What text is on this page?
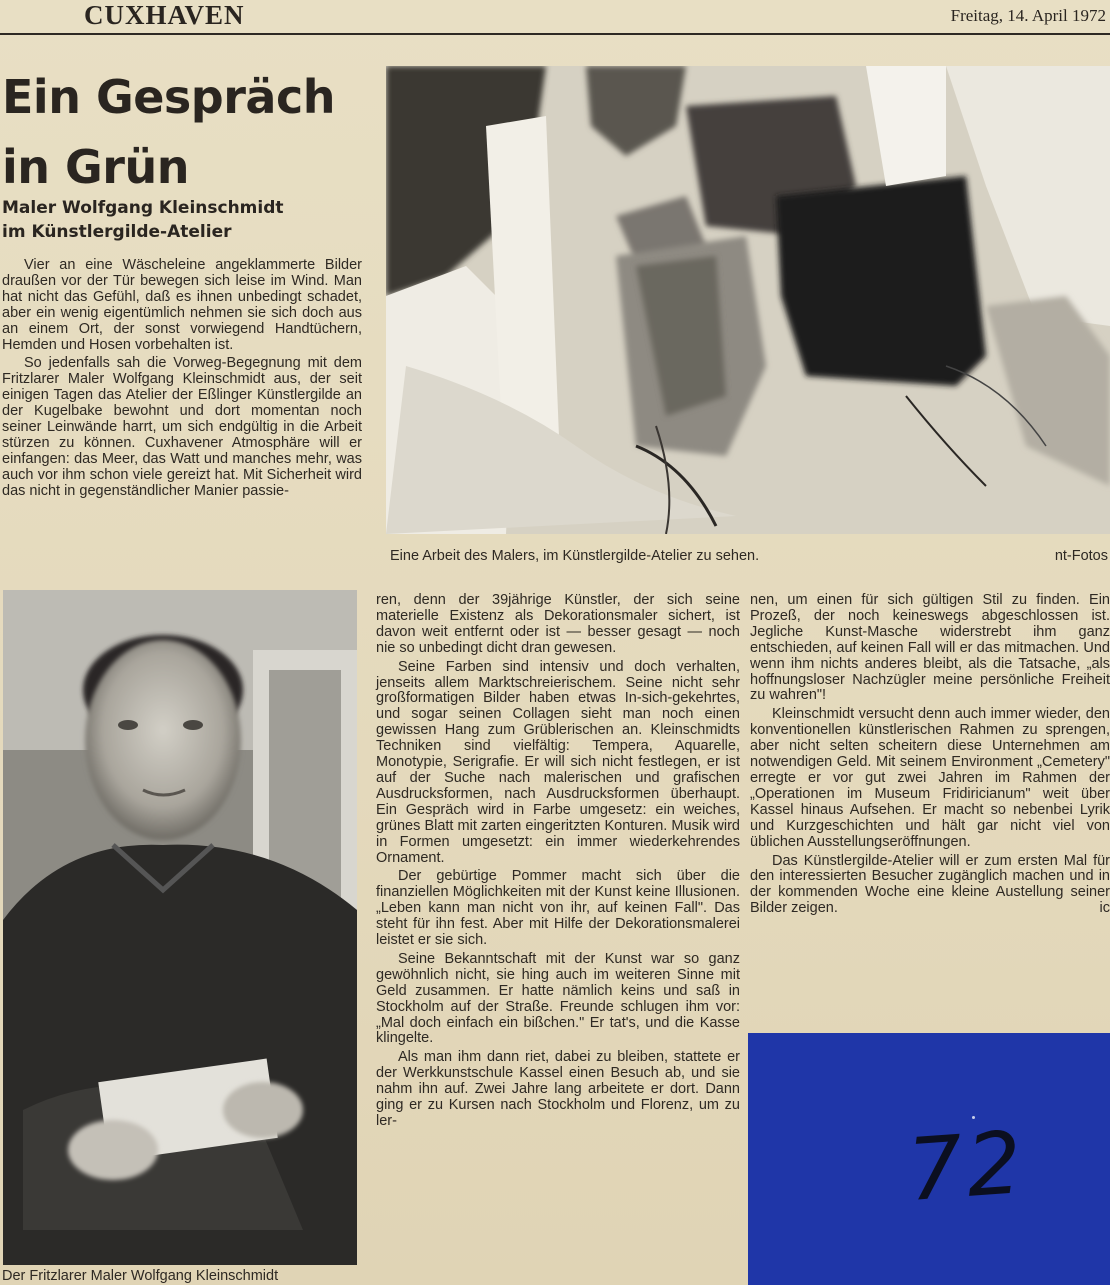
CUXHAVEN	Freitag, 14. April 1972
Ein Gespräch
in Grün
Maler Wolfgang Kleinschmidt
im Künstlergilde-Atelier

Vier an eine Wäscheleine angeklammerte Bilder draußen vor der Tür bewegen sich leise im Wind. Man hat nicht das Gefühl, daß es ihnen unbedingt schadet, aber ein wenig eigentümlich nehmen sie sich doch aus an einem Ort, der sonst vorwiegend Handtüchern, Hemden und Hosen vorbehalten ist.

So jedenfalls sah die Vorweg-Begegnung mit dem Fritzlarer Maler Wolfgang Kleinschmidt aus, der seit einigen Tagen das Atelier der Eßlinger Künstlergilde an der Kugelbake bewohnt und dort momentan noch seiner Leinwände harrt, um sich endgültig in die Arbeit stürzen zu können. Cuxhavener Atmosphäre will er einfangen: das Meer, das Watt und manches mehr, was auch vor ihm schon viele gereizt hat. Mit Sicherheit wird das nicht in gegenständlicher Manier passie-

Eine Arbeit des Malers, im Künstlergilde-Atelier zu sehen.	nt-Fotos
Der Fritzlarer Maler Wolfgang Kleinschmidt

ren, denn der 39jährige Künstler, der sich seine materielle Existenz als Dekorationsmaler sichert, ist davon weit entfernt oder ist — besser gesagt — noch nie so unbedingt dicht dran gewesen.

Seine Farben sind intensiv und doch verhalten, jenseits allem Marktschreierischem. Seine nicht sehr großformatigen Bilder haben etwas In-sich-gekehrtes, und sogar seinen Collagen sieht man noch einen gewissen Hang zum Grüblerischen an. Kleinschmidts Techniken sind vielfältig: Tempera, Aquarelle, Monotypie, Serigrafie. Er will sich nicht festlegen, er ist auf der Suche nach malerischen und grafischen Ausdrucksformen, nach Ausdrucksformen überhaupt. Ein Gespräch wird in Farbe umgesetz: ein weiches, grünes Blatt mit zarten eingeritzten Konturen. Musik wird in Formen umgesetzt: ein immer wiederkehrendes Ornament.

Der gebürtige Pommer macht sich über die finanziellen Möglichkeiten mit der Kunst keine Illusionen. „Leben kann man nicht von ihr, auf keinen Fall". Das steht für ihn fest. Aber mit Hilfe der Dekorationsmalerei leistet er sie sich.

Seine Bekanntschaft mit der Kunst war so ganz gewöhnlich nicht, sie hing auch im weiteren Sinne mit Geld zusammen. Er hatte nämlich keins und saß in Stockholm auf der Straße. Freunde schlugen ihm vor: „Mal doch einfach ein bißchen." Er tat's, und die Kasse klingelte.

Als man ihm dann riet, dabei zu bleiben, stattete er der Werkkunstschule Kassel einen Besuch ab, und sie nahm ihn auf. Zwei Jahre lang arbeitete er dort. Dann ging er zu Kursen nach Stockholm und Florenz, um zu ler-

nen, um einen für sich gültigen Stil zu finden. Ein Prozeß, der noch keineswegs abgeschlossen ist. Jegliche Kunst-Masche widerstrebt ihm ganz entschieden, auf keinen Fall will er das mitmachen. Und wenn ihm nichts anderes bleibt, als die Tatsache, „als hoffnungsloser Nachzügler meine persönliche Freiheit zu wahren"!

Kleinschmidt versucht denn auch immer wieder, den konventionellen künstlerischen Rahmen zu sprengen, aber nicht selten scheitern diese Unternehmen am notwendigen Geld. Mit seinem Environment „Cemetery" erregte er vor gut zwei Jahren im Rahmen der „Operationen im Museum Fridiricianum" weit über Kassel hinaus Aufsehen. Er macht so nebenbei Lyrik und Kurzgeschichten und hält gar nicht viel von üblichen Ausstellungseröffnungen.

Das Künstlergilde-Atelier will er zum ersten Mal für den interessierten Besucher zugänglich machen und in der kommenden Woche eine kleine Austellung seiner Bilder zeigen.	ic

72
